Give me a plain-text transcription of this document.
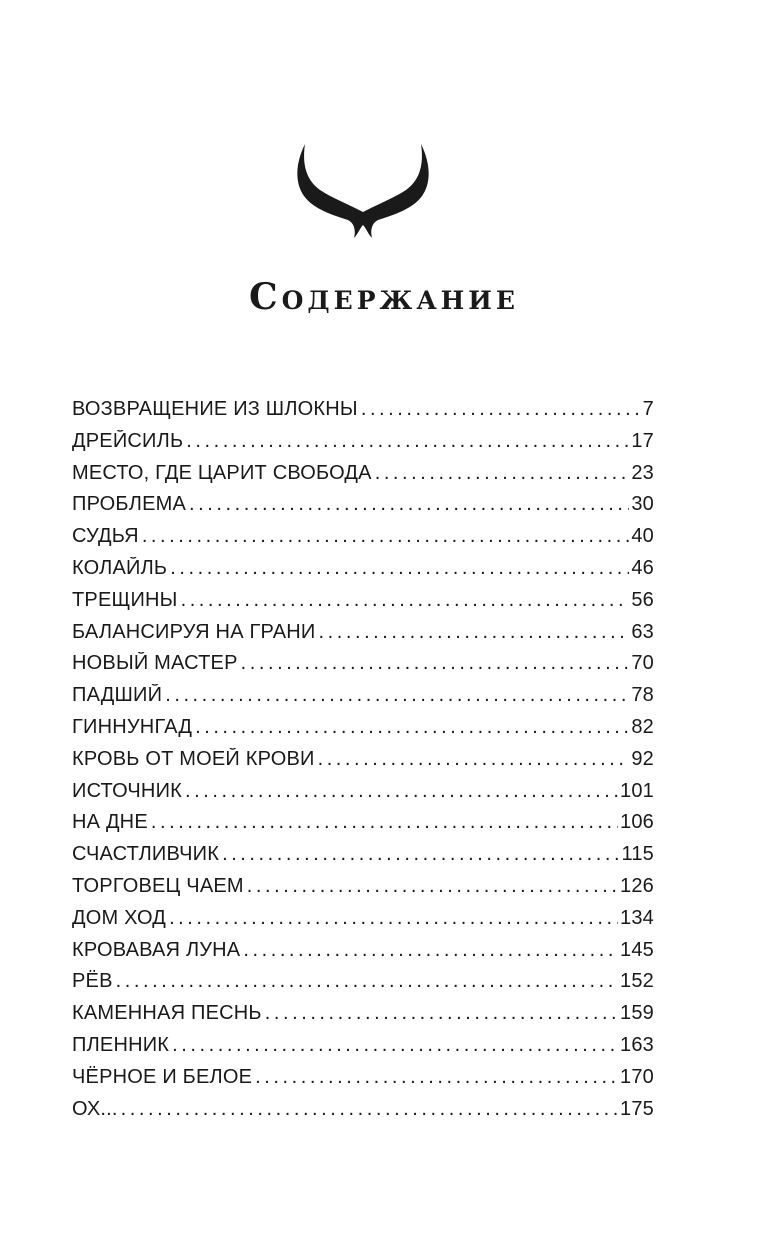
Содержание
ВОЗВРАЩЕНИЕ ИЗ ШЛОКНЫ . . .	7
ДРЕЙСИЛЬ . . .	17
МЕСТО, ГДЕ ЦАРИТ СВОБОДА . . .	23
ПРОБЛЕМА . . .	30
СУДЬЯ . . .	40
КОЛАЙЛЬ . . .	46
ТРЕЩИНЫ . . .	56
БАЛАНСИРУЯ НА ГРАНИ . . .	63
НОВЫЙ МАСТЕР . . .	70
ПАДШИЙ . . .	78
ГИННУНГАД . . .	82
КРОВЬ ОТ МОЕЙ КРОВИ . . .	92
ИСТОЧНИК . . .	101
НА ДНЕ . . .	106
СЧАСТЛИВЧИК . . .	115
ТОРГОВЕЦ ЧАЕМ . . .	126
ДОМ ХОД . . .	134
КРОВАВАЯ ЛУНА . . .	145
РЁВ . . .	152
КАМЕННАЯ ПЕСНЬ . . .	159
ПЛЕННИК . . .	163
ЧЁРНОЕ И БЕЛОЕ . . .	170
ОХ... . . .	175
